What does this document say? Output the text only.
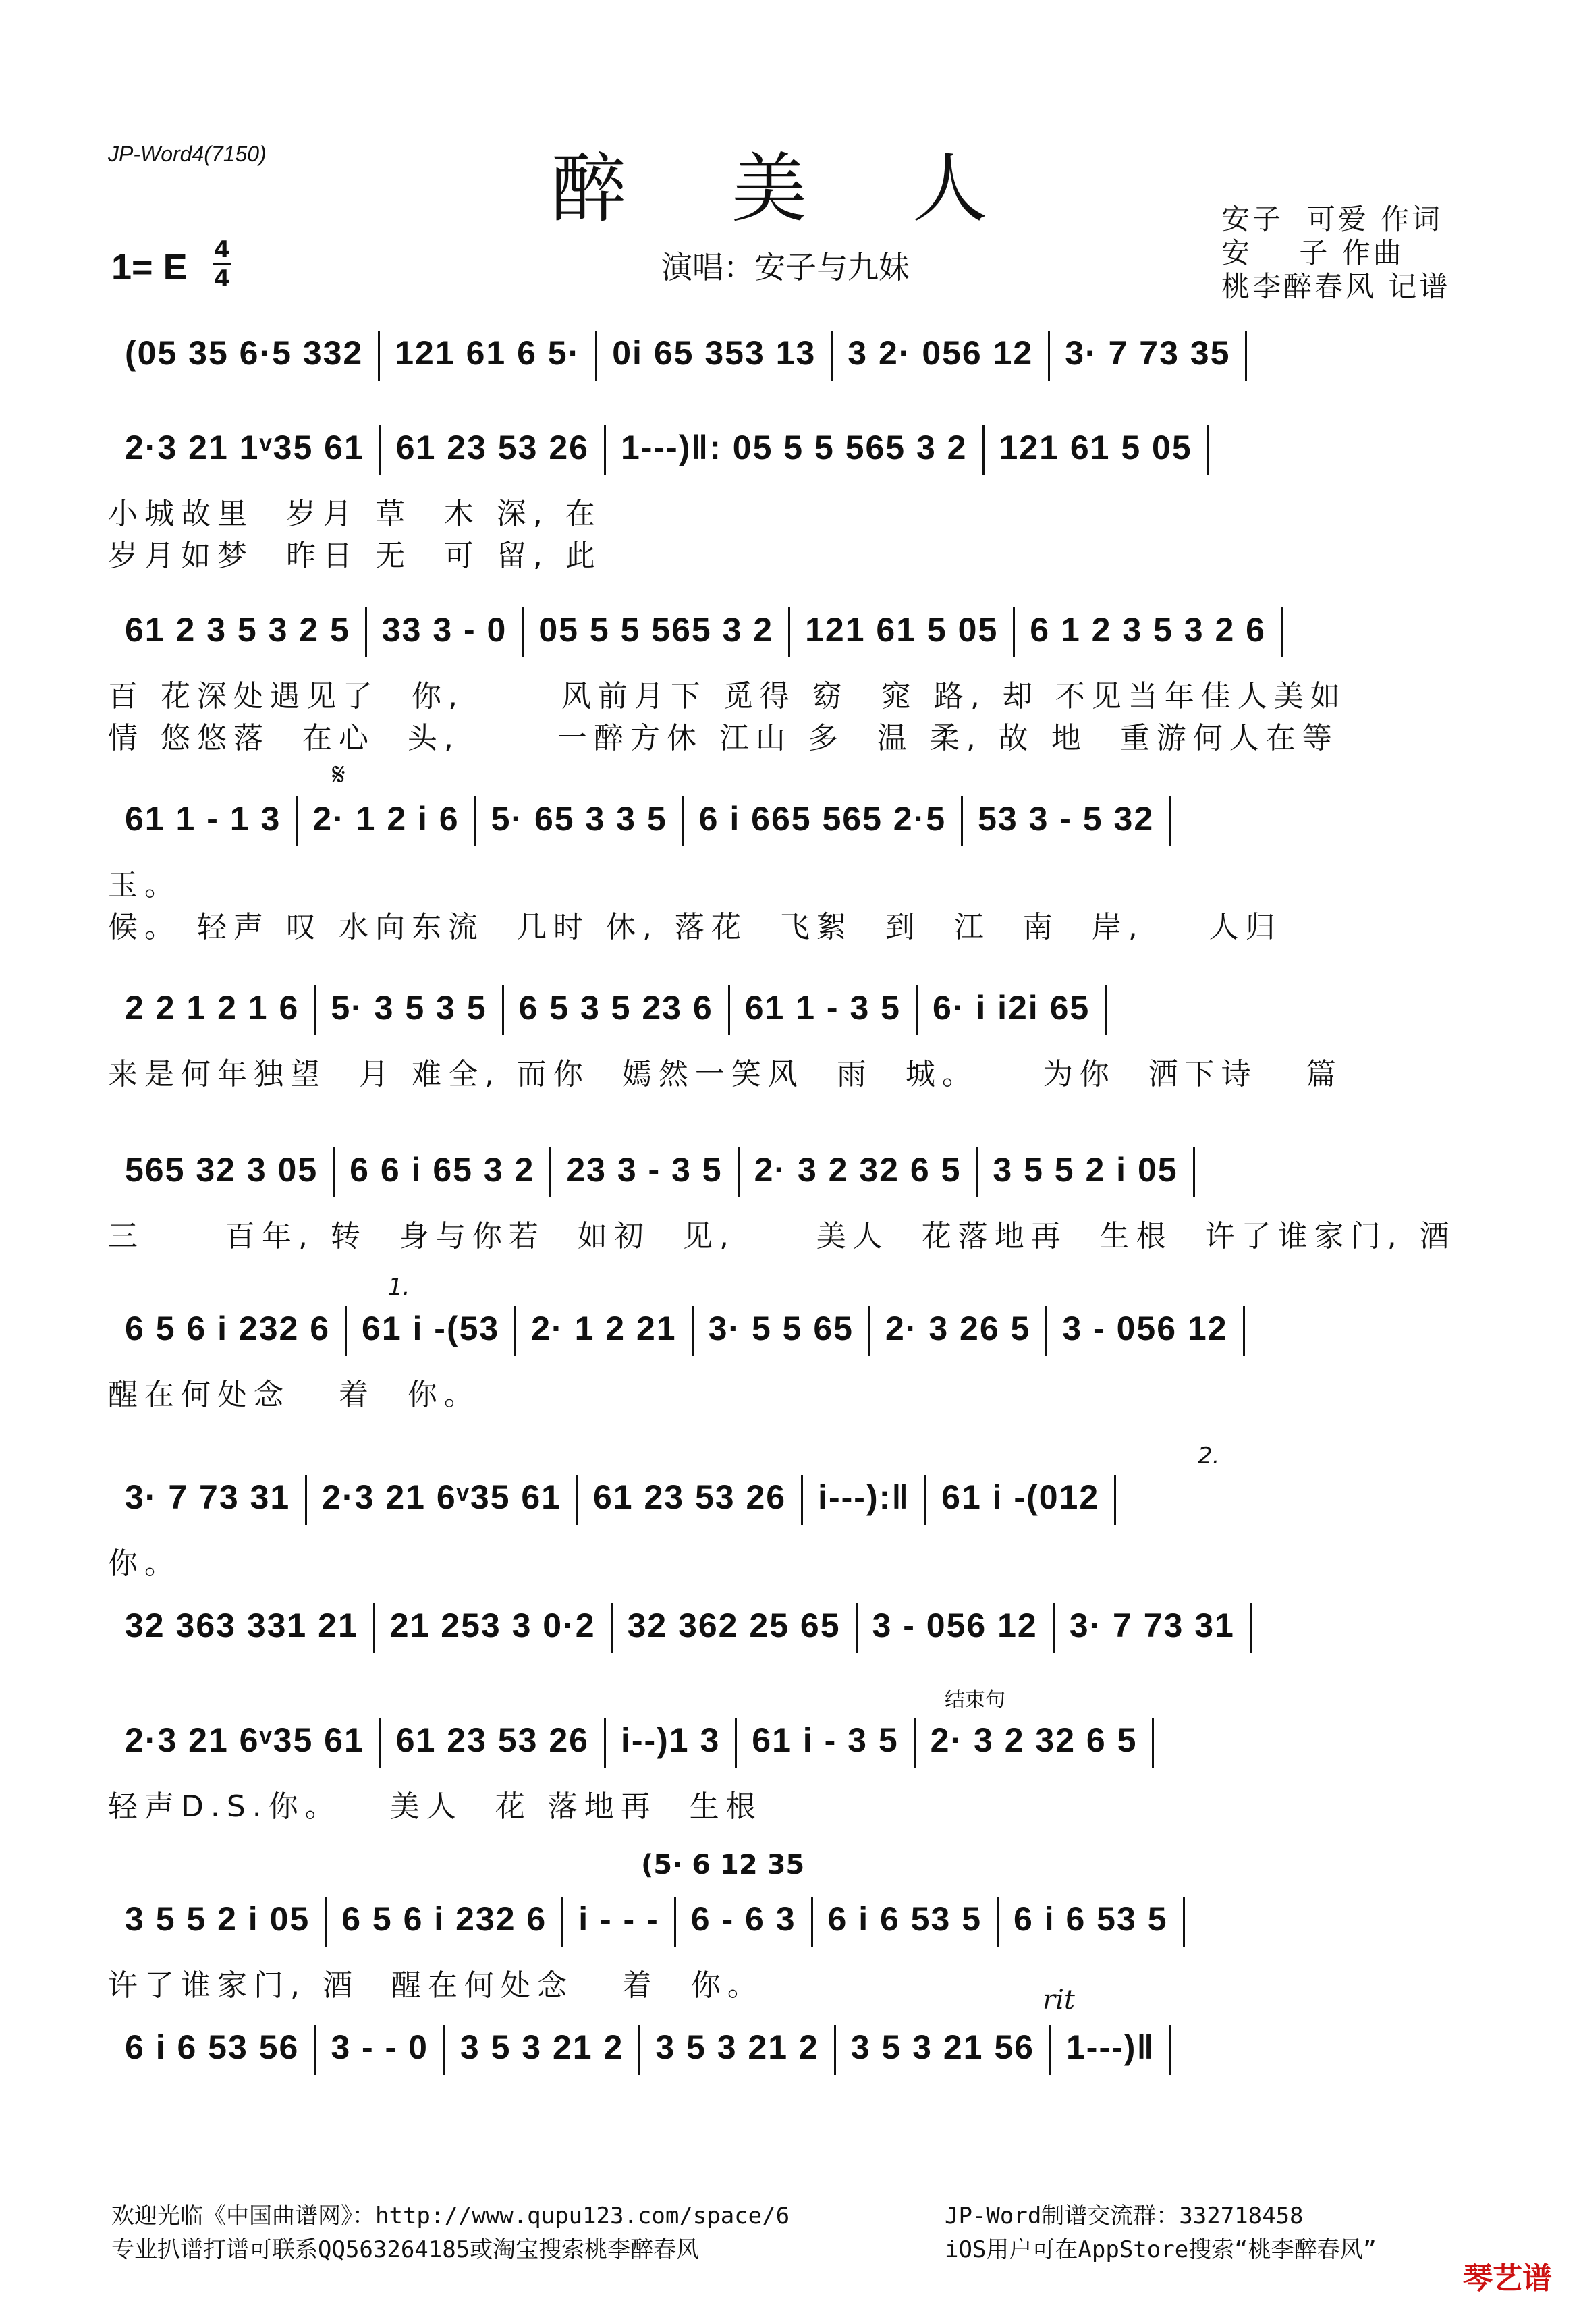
JP-Word4(7150)	醉 美 人
演唱：安子与九妹
安子  可爱 作词
安    子 作曲
桃李醉春风 记谱
1= E 4
4
(05 35 6·5 332 121 61 6 5· 0i 65 353 13 3 2· 056 12 3· 7 73 35
2·3 21 1ᵛ35 61 61 23 53 26 1---)‖: 05 5 5 565 3 2 121 61 5 05
小城故里  岁月 草  木 深, 在
岁月如梦  昨日 无  可 留, 此
61 2 3 5 3 2 5 33 3 - 0 05 5 5 565 3 2 121 61 5 05 6 1 2 3 5 3 2 6
百 花深处遇见了  你,      风前月下 觅得 窈  窕 路, 却 不见当年佳人美如
情 悠悠落  在心  头,      一醉方休 江山 多  温 柔, 故 地  重游何人在等
61 1 - 1 3 2· 1 2 i 6 5· 65 3 3 5 6 i 665 565 2·5 53 3 - 5 32
玉。
候。 轻声 叹 水向东流  几时 休, 落花  飞絮  到  江  南  岸,    人归
2 2 1 2 1 6 5· 3 5 3 5 6 5 3 5 23 6 61 1 - 3 5 6· i i2i 65
来是何年独望  月 难全, 而你  嫣然一笑风  雨  城。    为你  洒下诗   篇
565 32 3 05 6 6 i 65 3 2 23 3 - 3 5 2· 3 2 32 6 5 3 5 5 2 i 05
三     百年, 转  身与你若  如初  见,     美人  花落地再  生根  许了谁家门, 酒
6 5 6 i 232 6 61 i -(53 2· 1 2 21 3· 5 5 65 2· 3 26 5 3 - 056 12
醒在何处念   着  你。
1.
3· 7 73 31 2·3 21 6ᵛ35 61 61 23 53 26 i---):‖ 61 i -(012
你。
2.
32 363 331 21 21 253 3 0·2 32 362 25 65 3 - 056 12 3· 7 73 31
2·3 21 6ᵛ35 61 61 23 53 26 i--)1 3 61 i - 3 5 2· 3 2 32 6 5
轻声D.S.你。   美人  花 落地再  生根
结束句
3 5 5 2 i 05 6 5 6 i 232 6 i - - - 6 - 6 3 6 i 6 53 5 6 i 6 53 5
许了谁家门, 酒  醒在何处念   着  你。
(5· 6 12 35
6 i 6 53 56 3 - - 0 3 5 3 21 2 3 5 3 21 2 3 5 3 21 56 1---)‖
rit
𝄋
欢迎光临《中国曲谱网》：http://www.qupu123.com/space/6
专业扒谱打谱可联系QQ563264185或淘宝搜索桃李醉春风
JP-Word制谱交流群：332718458
iOS用户可在AppStore搜索“桃李醉春风”
琴艺谱
